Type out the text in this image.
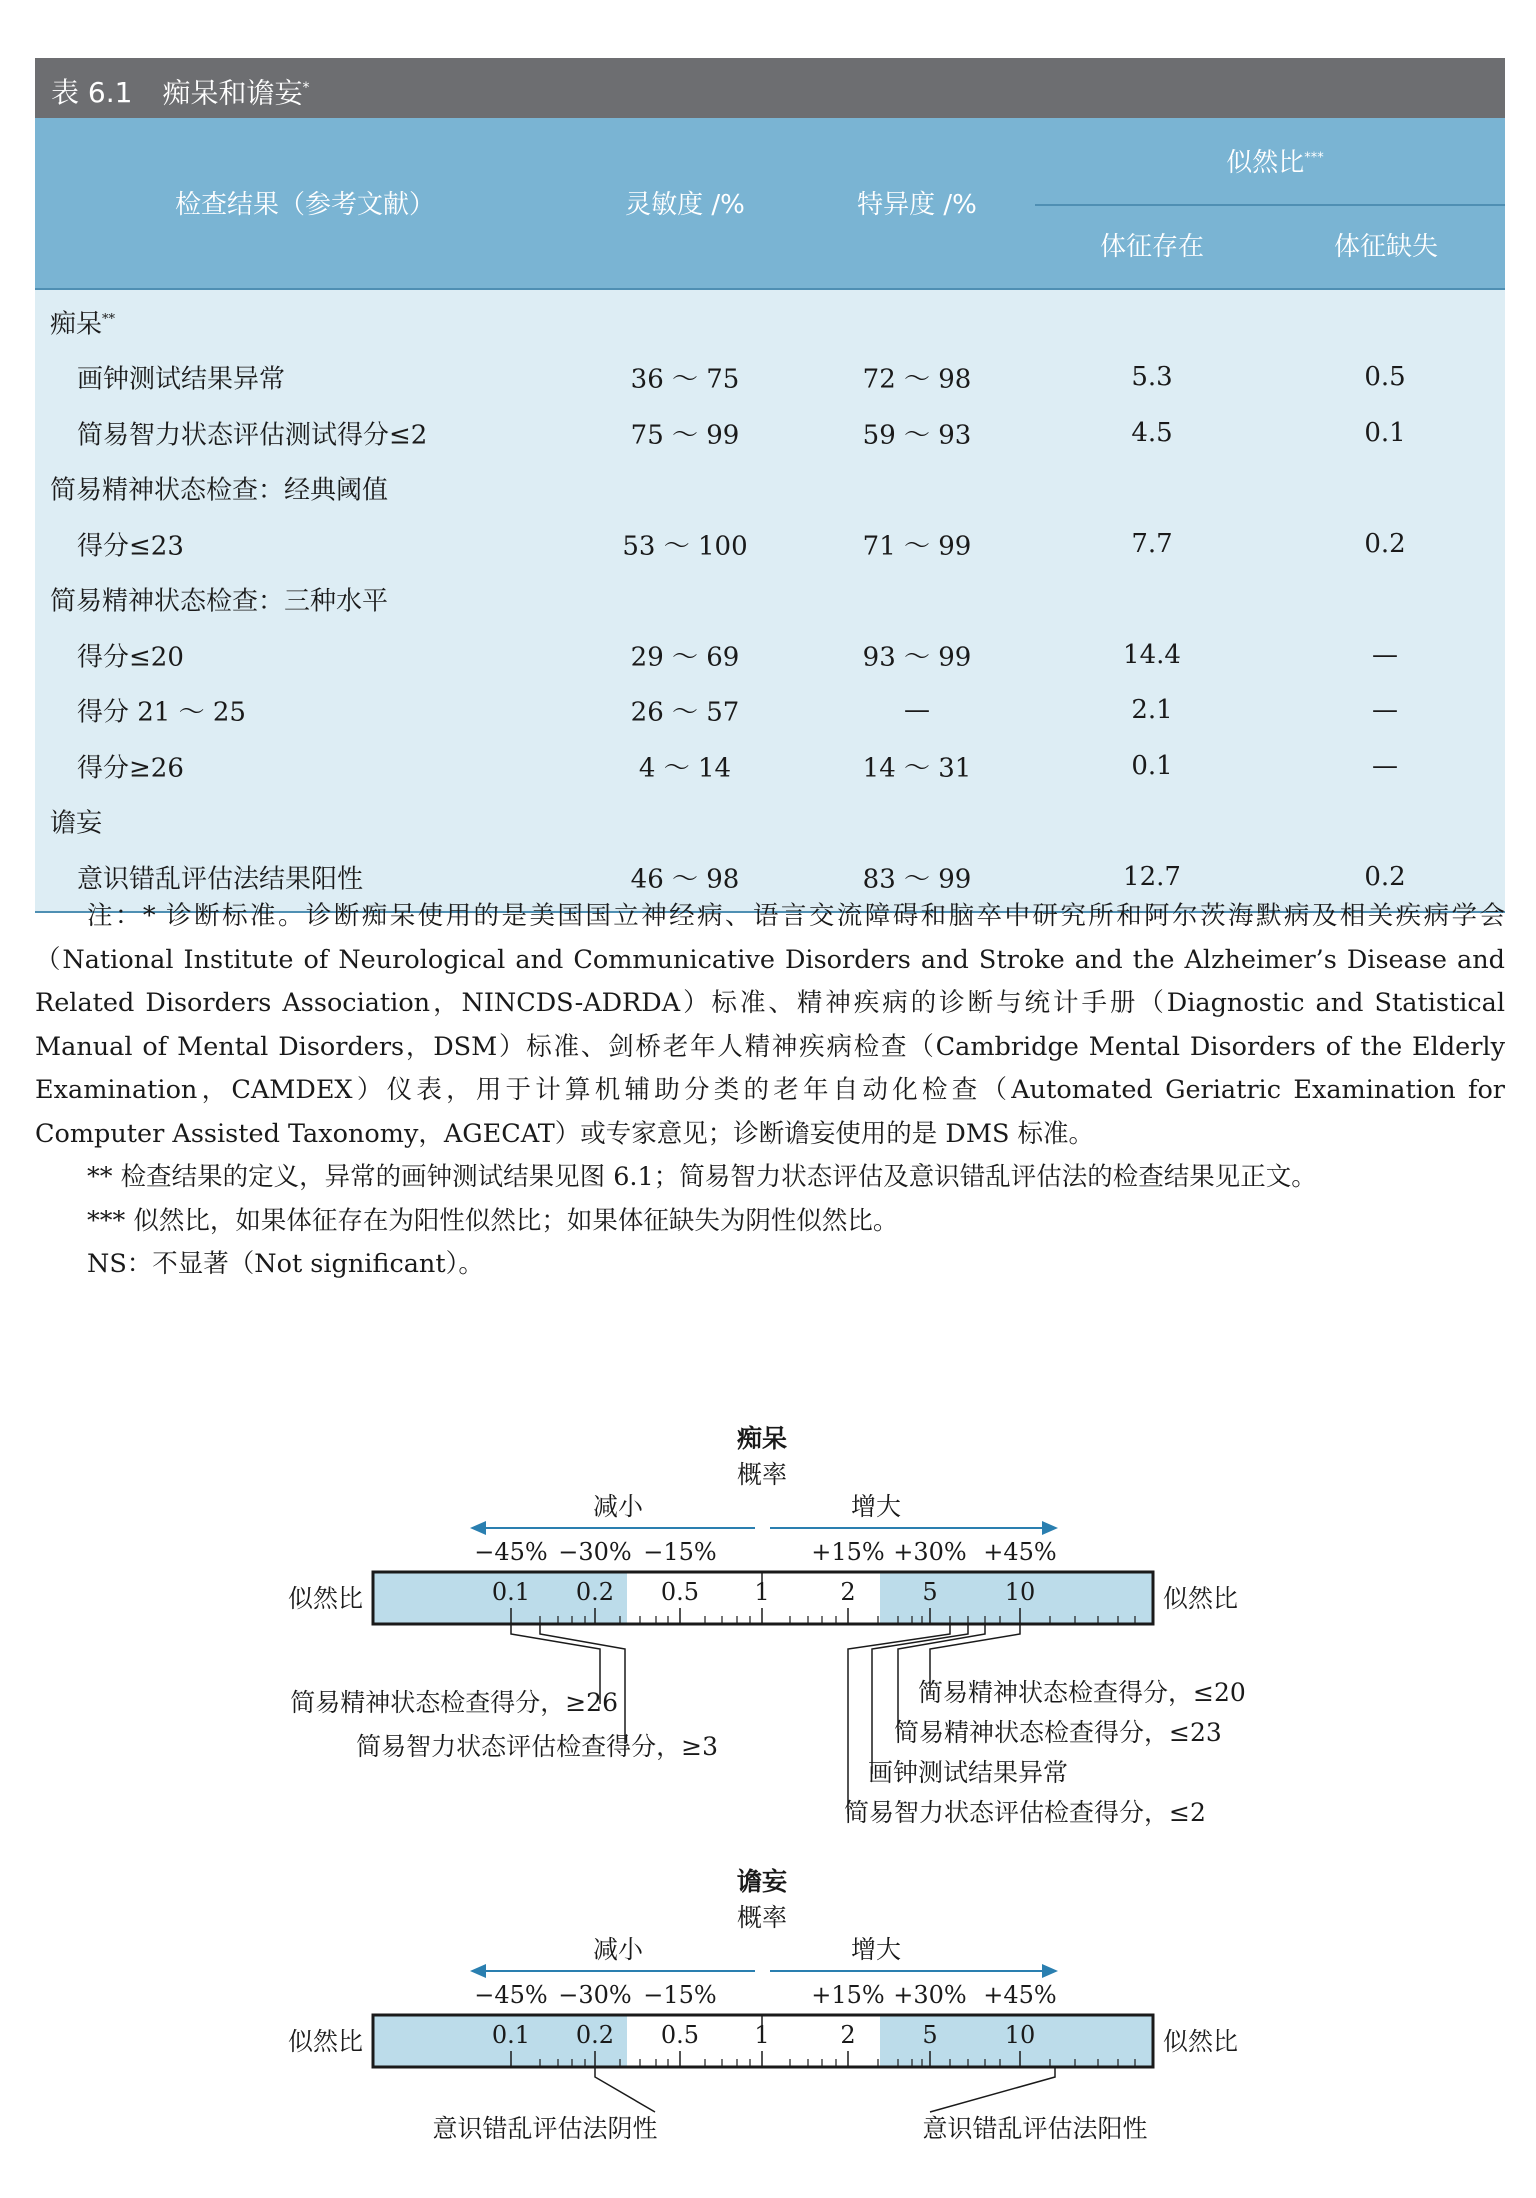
表 6.1 痴呆和谵妄*
检查结果（参考文献）	灵敏度 /%	特异度 /%
似然比***
体征存在	体征缺失
痴呆**
画钟测试结果异常	36 ～ 75	72 ～ 98	5.3	0.5
简易智力状态评估测试得分≤2	75 ～ 99	59 ～ 93	4.5	0.1
简易精神状态检查：经典阈值
得分≤23	53 ～ 100	71 ～ 99	7.7	0.2
简易精神状态检查：三种水平
得分≤20	29 ～ 69	93 ～ 99	14.4	—
得分 21 ～ 25	26 ～ 57	—	2.1	—
得分≥26	4 ～ 14	14 ～ 31	0.1	—
谵妄
意识错乱评估法结果阳性	46 ～ 98	83 ～ 99	12.7	0.2

注：* 诊断标准。诊断痴呆使用的是美国国立神经病、语言交流障碍和脑卒中研究所和阿尔茨海默病及相关疾病学会（National Institute of Neurological and Communicative Disorders and Stroke and the Alzheimer’s Disease and Related Disorders Association，NINCDS-ADRDA）标准、精神疾病的诊断与统计手册（Diagnostic and Statistical Manual of Mental Disorders，DSM）标准、剑桥老年人精神疾病检查（Cambridge Mental Disorders of the Elderly Examination，CAMDEX）仪表，用于计算机辅助分类的老年自动化检查（Automated Geriatric Examination for Computer Assisted Taxonomy，AGECAT）或专家意见；诊断谵妄使用的是 DMS 标准。

** 检查结果的定义，异常的画钟测试结果见图 6.1；简易智力状态评估及意识错乱评估法的检查结果见正文。

*** 似然比，如果体征存在为阳性似然比；如果体征缺失为阴性似然比。

NS：不显著（Not significant）。

痴呆
概率
减小	增大
−45% −30% −15%	+15% +30% +45%
似然比	似然比
0.1 0.2 0.5 1	2	5	10
简易精神状态检查得分，≥26
简易智力状态评估检查得分，≥3
简易精神状态检查得分，≤20
简易精神状态检查得分，≤23
画钟测试结果异常
简易智力状态评估检查得分，≤2
谵妄
概率
减小	增大
−45% −30% −15%	+15% +30% +45%
似然比	似然比
0.1 0.2 0.5 1	2	5	10
意识错乱评估法阴性	意识错乱评估法阳性
